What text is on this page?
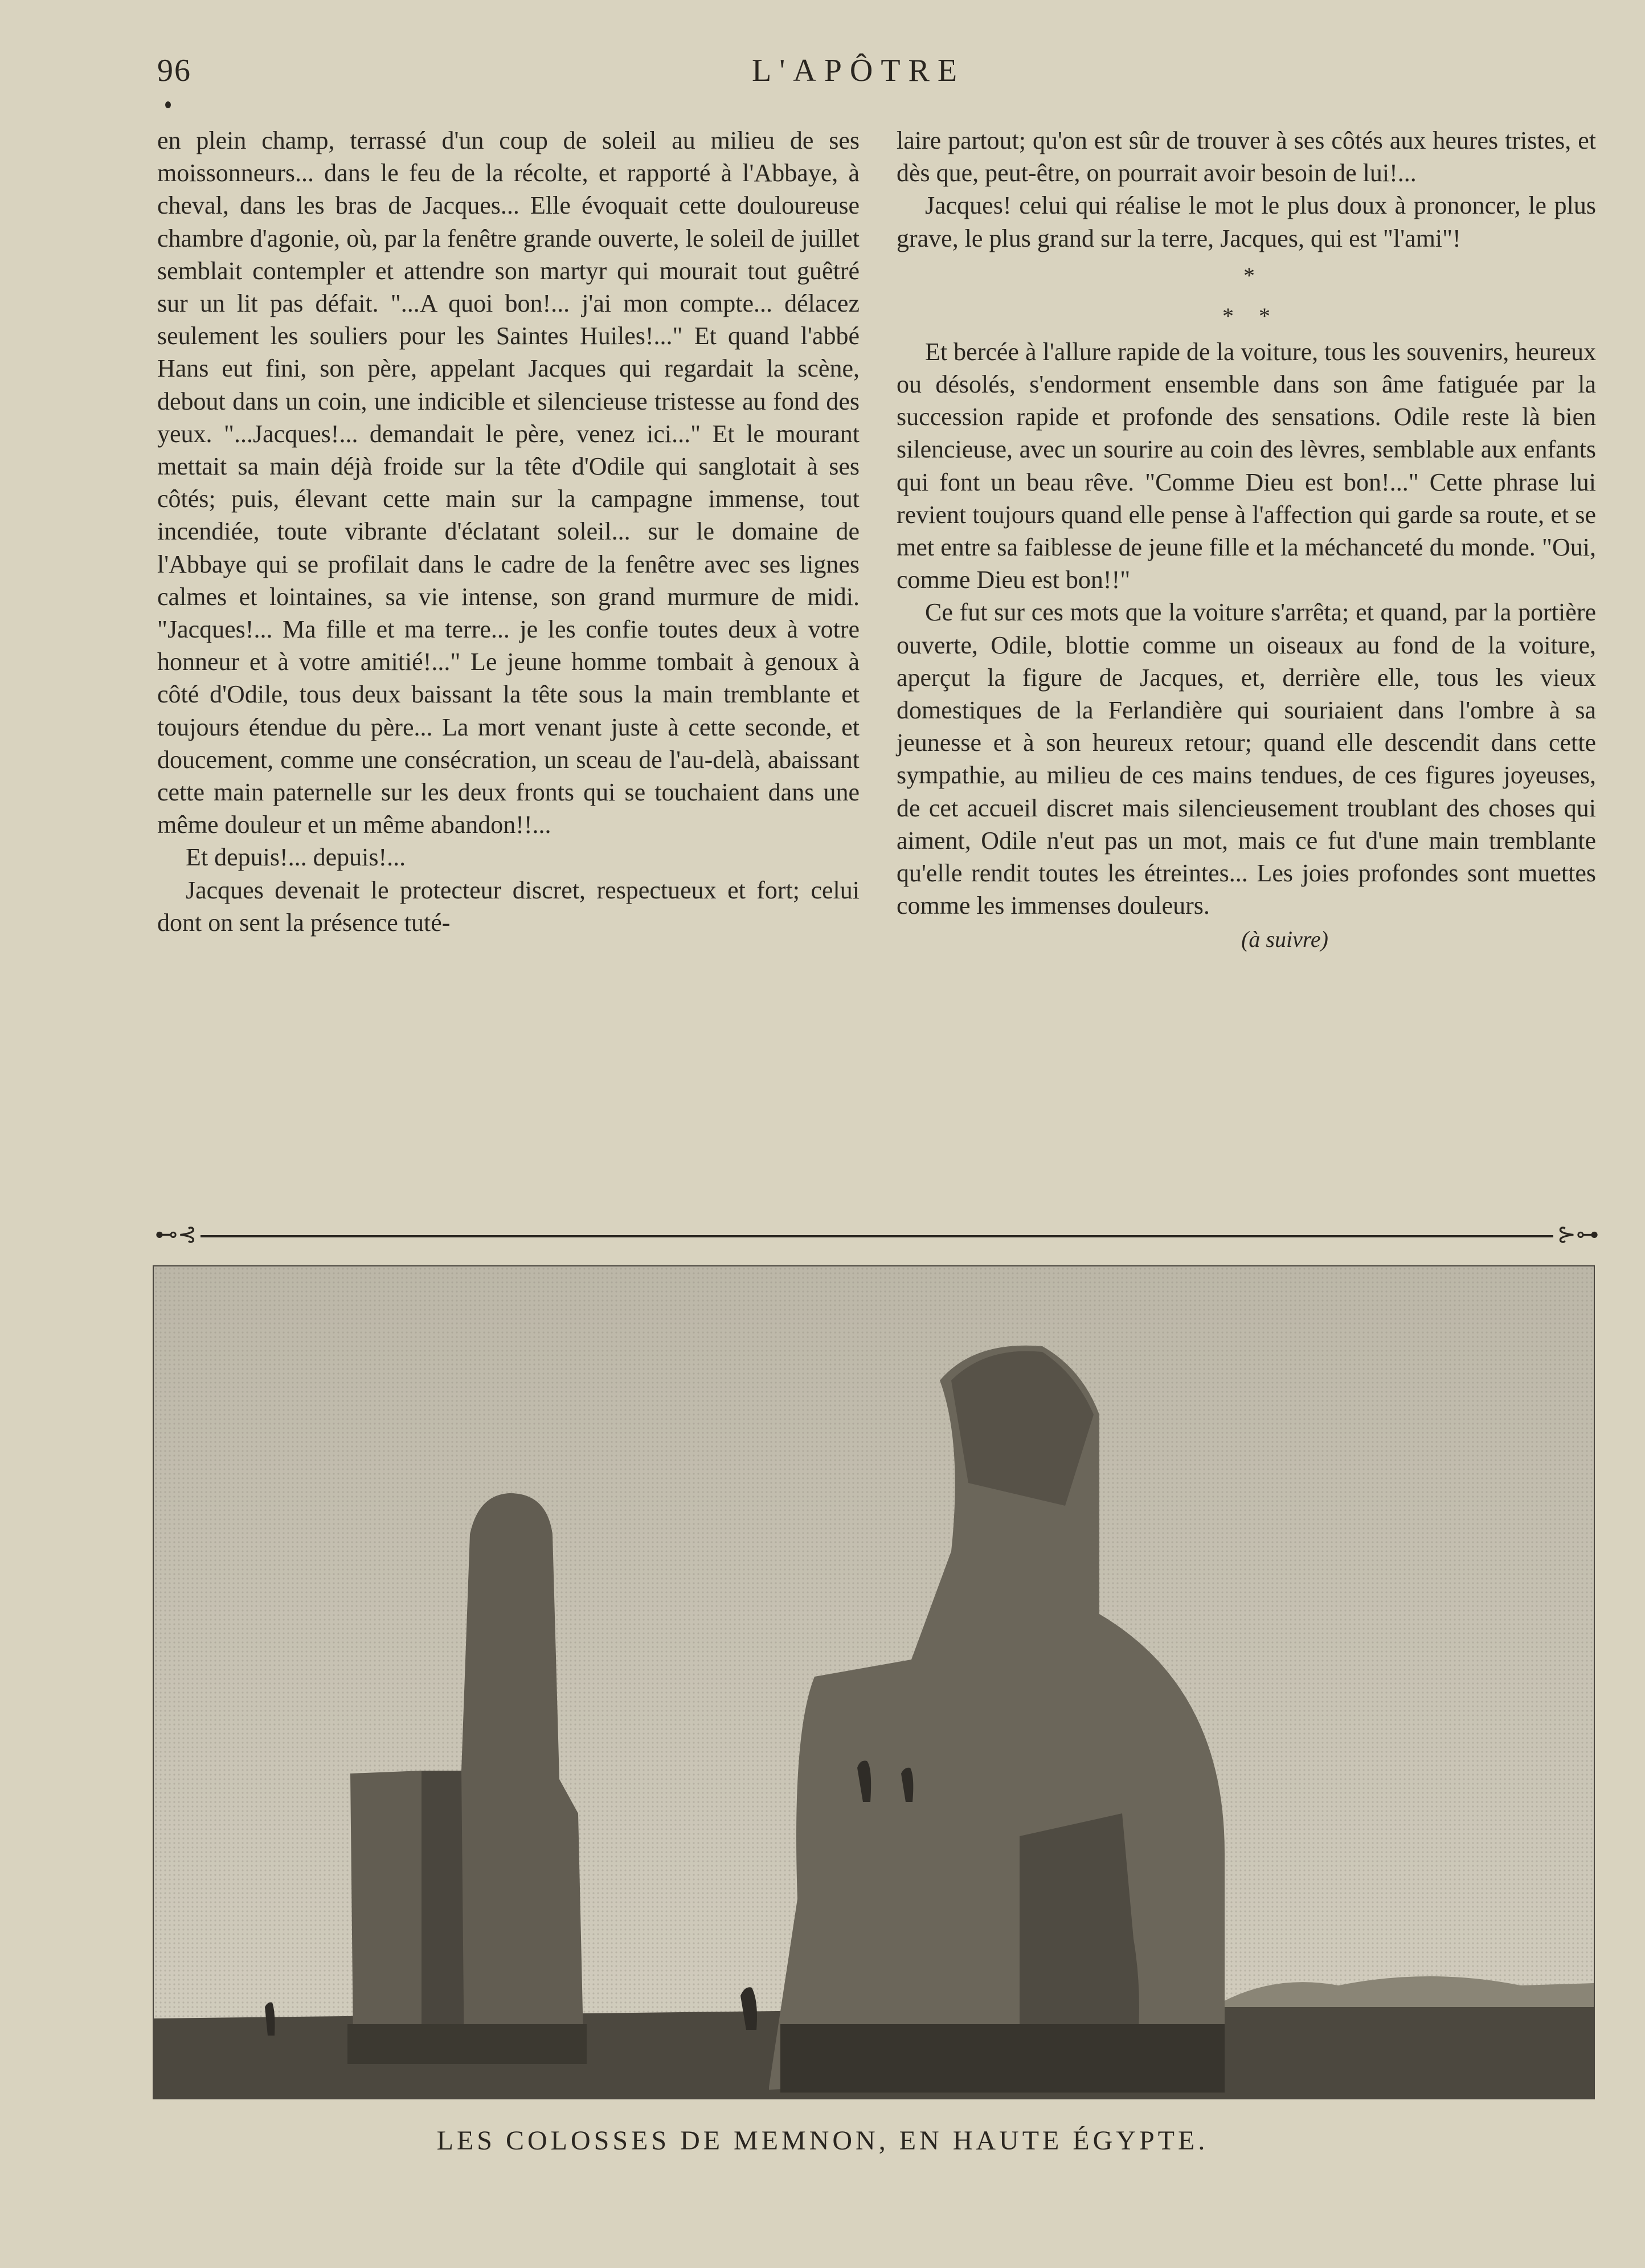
96	L'APÔTRE

en plein champ, terrassé d'un coup de soleil au milieu de ses moissonneurs... dans le feu de la récolte, et rapporté à l'Abbaye, à cheval, dans les bras de Jacques... Elle évoquait cette douloureuse chambre d'agonie, où, par la fenêtre grande ouverte, le soleil de juillet semblait contempler et attendre son martyr qui mourait tout guêtré sur un lit pas défait. "...A quoi bon!... j'ai mon compte... délacez seulement les souliers pour les Saintes Huiles!..." Et quand l'abbé Hans eut fini, son père, appelant Jacques qui regardait la scène, debout dans un coin, une indicible et silencieuse tristesse au fond des yeux. "...Jacques!... demandait le père, venez ici..." Et le mourant mettait sa main déjà froide sur la tête d'Odile qui sanglotait à ses côtés; puis, élevant cette main sur la campagne immense, tout incendiée, toute vibrante d'éclatant soleil... sur le domaine de l'Abbaye qui se profilait dans le cadre de la fenêtre avec ses lignes calmes et lointaines, sa vie intense, son grand murmure de midi. "Jacques!... Ma fille et ma terre... je les confie toutes deux à votre honneur et à votre amitié!..." Le jeune homme tombait à genoux à côté d'Odile, tous deux baissant la tête sous la main tremblante et toujours étendue du père... La mort venant juste à cette seconde, et doucement, comme une consécration, un sceau de l'au-delà, abaissant cette main paternelle sur les deux fronts qui se touchaient dans une même douleur et un même abandon!!...

Et depuis!... depuis!...

Jacques devenait le protecteur discret, respectueux et fort; celui dont on sent la présence tuté-

laire partout; qu'on est sûr de trouver à ses côtés aux heures tristes, et dès que, peut-être, on pourrait avoir besoin de lui!...

Jacques! celui qui réalise le mot le plus doux à prononcer, le plus grave, le plus grand sur la terre, Jacques, qui est "l'ami"!

*
* *

Et bercée à l'allure rapide de la voiture, tous les souvenirs, heureux ou désolés, s'endorment ensemble dans son âme fatiguée par la succession rapide et profonde des sensations. Odile reste là bien silencieuse, avec un sourire au coin des lèvres, semblable aux enfants qui font un beau rêve. "Comme Dieu est bon!..." Cette phrase lui revient toujours quand elle pense à l'affection qui garde sa route, et se met entre sa faiblesse de jeune fille et la méchanceté du monde. "Oui, comme Dieu est bon!!"

Ce fut sur ces mots que la voiture s'arrêta; et quand, par la portière ouverte, Odile, blottie comme un oiseaux au fond de la voiture, aperçut la figure de Jacques, et, derrière elle, tous les vieux domestiques de la Ferlandière qui souriaient dans l'ombre à sa jeunesse et à son heureux retour; quand elle descendit dans cette sympathie, au milieu de ces mains tendues, de ces figures joyeuses, de cet accueil discret mais silencieusement troublant des choses qui aiment, Odile n'eut pas un mot, mais ce fut d'une main tremblante qu'elle rendit toutes les étreintes... Les joies profondes sont muettes comme les immenses douleurs.

(à suivre)
⊷⊰	⊱⊶
LES COLOSSES DE MEMNON, EN HAUTE ÉGYPTE.
